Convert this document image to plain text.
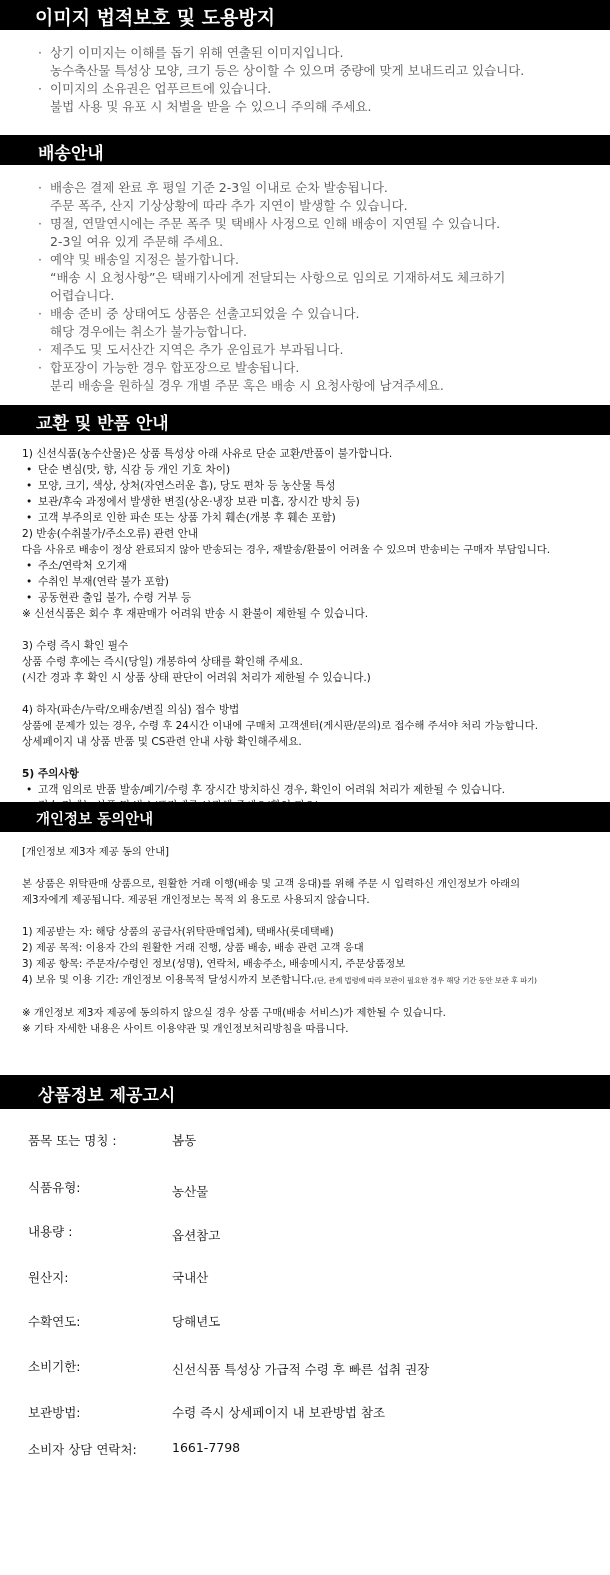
이미지 법적보호 및 도용방지
· 상기 이미지는 이해를 돕기 위해 연출된 이미지입니다.
농수축산물 특성상 모양, 크기 등은 상이할 수 있으며 중량에 맞게 보내드리고 있습니다.
· 이미지의 소유권은 업푸르트에 있습니다.
불법 사용 및 유포 시 처벌을 받을 수 있으니 주의해 주세요.
배송안내
· 배송은 결제 완료 후 평일 기준 2-3일 이내로 순차 발송됩니다.
주문 폭주, 산지 기상상황에 따라 추가 지연이 발생할 수 있습니다.
· 명절, 연말연시에는 주문 폭주 및 택배사 사정으로 인해 배송이 지연될 수 있습니다.
2-3일 여유 있게 주문해 주세요.
· 예약 및 배송일 지정은 불가합니다.
“배송 시 요청사항”은 택배기사에게 전달되는 사항으로 임의로 기재하셔도 체크하기
어렵습니다.
· 배송 준비 중 상태여도 상품은 선출고되었을 수 있습니다.
해당 경우에는 취소가 불가능합니다.
· 제주도 및 도서산간 지역은 추가 운임료가 부과됩니다.
· 합포장이 가능한 경우 합포장으로 발송됩니다.
분리 배송을 원하실 경우 개별 주문 혹은 배송 시 요청사항에 남겨주세요.
교환 및 반품 안내
1) 신선식품(농수산물)은 상품 특성상 아래 사유로 단순 교환/반품이 불가합니다.
• 단순 변심(맛, 향, 식감 등 개인 기호 차이)
• 모양, 크기, 색상, 상처(자연스러운 흠), 당도 편차 등 농산물 특성
• 보관/후숙 과정에서 발생한 변질(상온·냉장 보관 미흡, 장시간 방치 등)
• 고객 부주의로 인한 파손 또는 상품 가치 훼손(개봉 후 훼손 포함)
2) 반송(수취불가/주소오류) 관련 안내
다음 사유로 배송이 정상 완료되지 않아 반송되는 경우, 재발송/환불이 어려울 수 있으며 반송비는 구매자 부담입니다.
• 주소/연락처 오기재
• 수취인 부재(연락 불가 포함)
• 공동현관 출입 불가, 수령 거부 등
※ 신선식품은 회수 후 재판매가 어려워 반송 시 환불이 제한될 수 있습니다.
3) 수령 즉시 확인 필수
상품 수령 후에는 즉시(당일) 개봉하여 상태를 확인해 주세요.
(시간 경과 후 확인 시 상품 상태 판단이 어려워 처리가 제한될 수 있습니다.)
4) 하자(파손/누락/오배송/변질 의심) 접수 방법
상품에 문제가 있는 경우, 수령 후 24시간 이내에 구매처 고객센터(게시판/문의)로 접수해 주셔야 처리 가능합니다.
상세페이지 내 상품 반품 및 CS관련 안내 사항 확인해주세요.
5) 주의사항
• 고객 임의로 반품 발송/폐기/수령 후 장시간 방치하신 경우, 확인이 어려워 처리가 제한될 수 있습니다.
개인정보 동의안내
[개인정보 제3자 제공 동의 안내]
본 상품은 위탁판매 상품으로, 원활한 거래 이행(배송 및 고객 응대)를 위해 주문 시 입력하신 개인정보가 아래의
제3자에게 제공됩니다. 제공된 개인정보는 목적 외 용도로 사용되지 않습니다.
1) 제공받는 자: 해당 상품의 공급사(위탁판매업체), 택배사(롯데택배)
2) 제공 목적: 이용자 간의 원활한 거래 진행, 상품 배송, 배송 관련 고객 응대
3) 제공 항목: 주문자/수령인 정보(성명), 연락처, 배송주소, 배송메시지, 주문상품정보
4) 보유 및 이용 기간: 개인정보 이용목적 달성시까지 보존합니다.(단, 관계 법령에 따라 보관이 필요한 경우 해당 기간 동안 보관 후 파기)
※ 개인정보 제3자 제공에 동의하지 않으실 경우 상품 구매(배송 서비스)가 제한될 수 있습니다.
※ 기타 자세한 내용은 사이트 이용약관 및 개인정보처리방침을 따릅니다.
상품정보 제공고시
품목 또는 명칭 :	봄동
식품유형:	농산물
내용량 :	옵션참고
원산지:	국내산
수확연도:	당해년도
소비기한:	신선식품 특성상 가급적 수령 후 빠른 섭취 권장
보관방법:	수령 즉시 상세페이지 내 보관방법 참조
소비자 상담 연락처:	1661-7798
